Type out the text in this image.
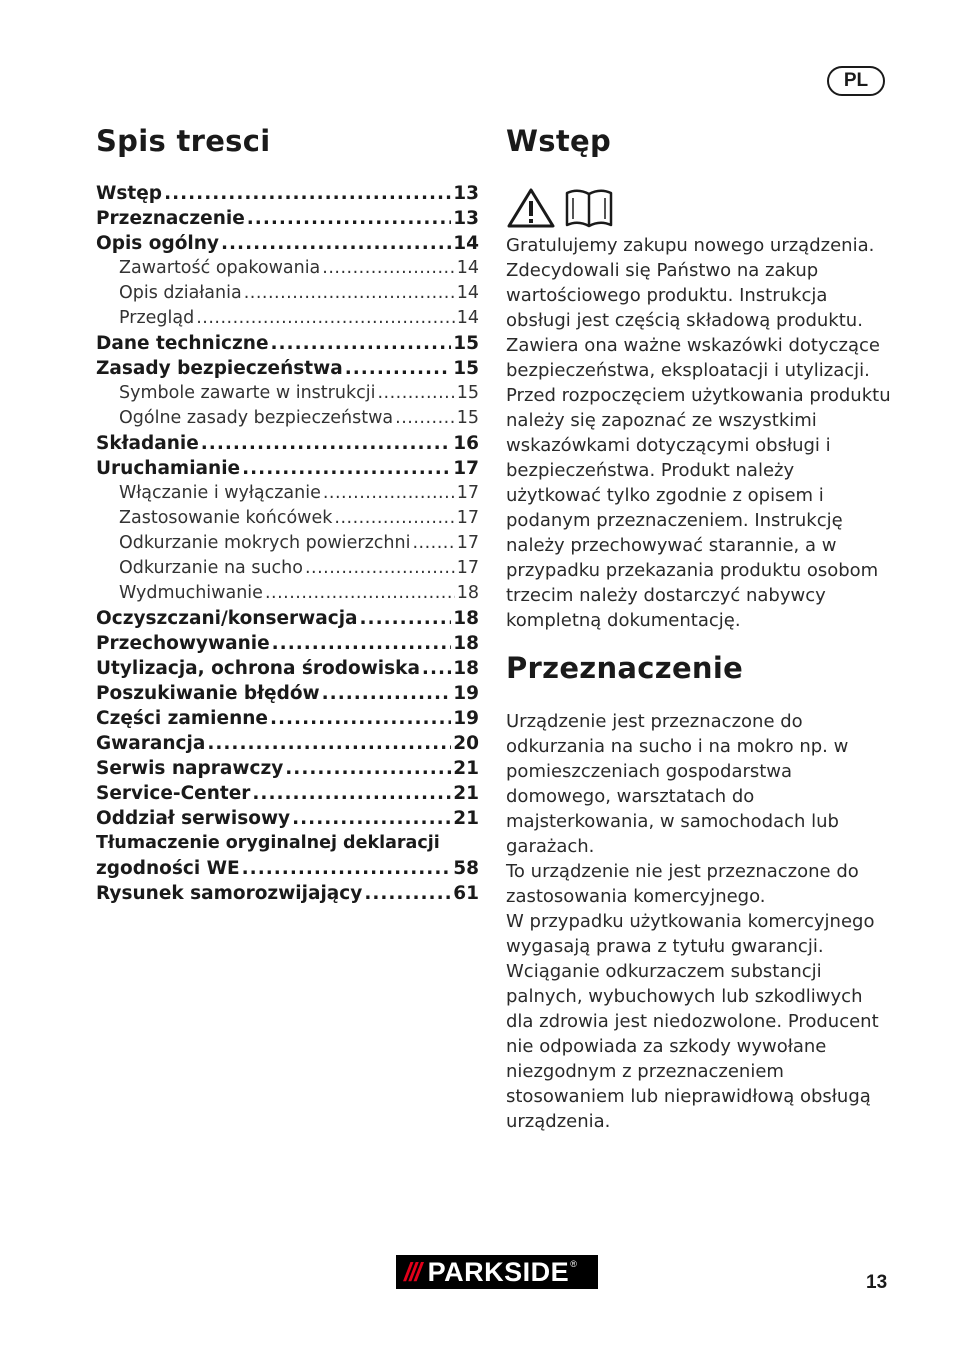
PL
Spis tresci
Wstęp .....	13
Przeznaczenie .....	13
Opis ogólny .....	14
Zawartość opakowania .....	14
Opis działania .....	14
Przegląd .....	14
Dane techniczne .....	15
Zasady bezpieczeństwa .....	15
Symbole zawarte w instrukcji .....	15
Ogólne zasady bezpieczeństwa .....	15
Składanie .....	16
Uruchamianie .....	17
Włączanie i wyłączanie .....	17
Zastosowanie końcówek .....	17
Odkurzanie mokrych powierzchni .....	17
Odkurzanie na sucho .....	17
Wydmuchiwanie .....	18
Oczyszczani/konserwacja .....	18
Przechowywanie .....	18
Utylizacja, ochrona środowiska ..... 18
Poszukiwanie błędów .....	19
Części zamienne .....	19
Gwarancja .....	20
Serwis naprawczy .....	21
Service-Center .....	21
Oddział serwisowy .....	21
Tłumaczenie oryginalnej deklaracji
zgodności WE .....	58
Rysunek samorozwijający .....	61
Wstęp

Gratulujemy zakupu nowego urządzenia. Zdecydowali się Państwo na zakup wartościowego produktu. Instrukcja obsługi jest częścią składową produktu. Zawiera ona ważne wskazówki dotyczące bezpieczeństwa, eksploatacji i utylizacji. Przed rozpoczęciem użytkowania produktu należy się zapoznać ze wszystkimi wskazówkami dotyczącymi obsługi i bezpieczeństwa. Produkt należy użytkować tylko zgodnie z opisem i podanym przeznaczeniem. Instrukcję należy przechowywać starannie, a w przypadku przekazania produktu osobom trzecim należy dostarczyć nabywcy kompletną dokumentację.

Przeznaczenie

Urządzenie jest przeznaczone do odkurzania na sucho i na mokro np. w pomieszczeniach gospodarstwa domowego, warsztatach do majsterkowania, w samochodach lub garażach.

To urządzenie nie jest przeznaczone do zastosowania komercyjnego.

W przypadku użytkowania komercyjnego wygasają prawa z tytułu gwarancji.

Wciąganie odkurzaczem substancji palnych, wybuchowych lub szkodliwych dla zdrowia jest niedozwolone. Producent nie odpowiada za szkody wywołane niezgodnym z przeznaczeniem stosowaniem lub nieprawidłową obsługą urządzenia.

/// PARKSIDE ®
13
